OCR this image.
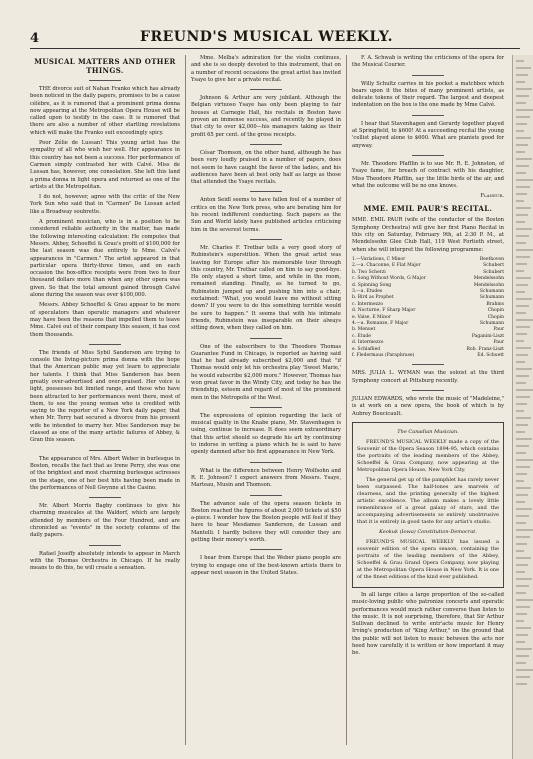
4	FREUND'S MUSICAL WEEKLY.
MUSICAL MATTERS AND OTHER THINGS.

THE divorce suit of Nahan Franko which has already been noticed in the daily papers, promises to be a cause célèbre, as it is rumored that a prominent prima donna now appearing at the Metropolitan Opera House will be called upon to testify in the case. It is rumored that there are also a number of other startling revelations which will make the Franko suit exceedingly spicy.

Poor Zélie de Lussan! This young artist has the sympathy of all who wish her well. Her appearance in this country has not been a success. Her performance of Carmen simply contrasted her with Calvé. Miss de Lussan has, however, one consolation. She left this land a prima donna in light opera and returned as one of the artists at the Metropolitan.

I do not, however, agree with the critic of the New York Sun who said that in "Carmen" De Lussan acted like a Broadway soubrette.

A prominent musician, who is in a position to be considered reliable authority in the matter, has made the following interesting calculation: He computes that Messrs. Abbey, Schoeffel & Grau's profit of $100,000 for the last season was due entirely to Mme. Calvé's appearances in "Carmen." The artist appeared in that particular opera thirty-three times, and on each occasion the box-office receipts were from two to four thousand dollars more than when any other opera was given. So that the total amount gained through Calvé alone during the season was over $100,000.

Messrs. Abbey Schoeffel & Grau appear to be more of speculators than operatic managers and whatever may have been the reasons that impelled them to leave Mme. Calvé out of their company this season, it has cost them thousands.

The friends of Miss Sybil Sanderson are trying to console the living-picture prima donna with the hope that the American public may yet learn to appreciate her talents. I think that Miss Sanderson has been greatly over-advertised and over-praised. Her voice is light, possesses but limited range, and those who have been attracted to her performances went there, most of them, to see the young woman who is credited with saying to the reporter of a New York daily paper, that when Mr. Terry had secured a divorce from his present wife he intended to marry her. Miss Sanderson may be classed as one of the many artistic failures of Abbey, & Gran this season.

The appearance of Mrs. Albert Weber in burlesque in Boston, recalls the fact that as Irene Perry, she was one of the brightest and most charming burlesque actresses on the stage, one of her best hits having been made in the performances of Nell Gwynne at the Casino.

Mr. Albert Morris Bagby continues to give his charming musicales at the Waldorf, which are largely attended by members of the Four Hundred, and are chronicled as "events" in the society columns of the daily papers.

Rafael Joseffy absolutely intends to appear in March with the Thomas Orchestra in Chicago. If he really means to do this, he will create a sensation.

Mme. Melba's admiration for the violin continues, and she is so deeply devoted to this instrument, that on a number of recent occasions the great artist has invited Ysaye to give her a private recital.

Johnson & Arthur are very jubilant. Although the Belgian virtuoso Ysaye has only been playing to fair houses at Carnegie Hall, his recitals in Boston have proven an immense success, and recently he played in that city to over $2,000—his managers taking as their profit 65 per cent. of the gross receipts.

César Thomson, on the other hand, although he has been very loudly praised in a number of papers, does not seem to have caught the favor of the ladies, and his audiences have been at best only half as large as those that attended the Ysaye recitals.

Anton Seidl seems to have fallen foul of a number of critics on the New York press, who are berating him for his recent indifferent conducting. Such papers as the Sun and World lately have published articles criticising him in the severest terms.

Mr. Charles F. Tretbar tells a very good story of Rubinstein's superstition. When the great artist was leaving for Europe after his memorable tour through this country, Mr. Tretbar called on him to say good-bye. He only stayed a short time, and while in the room, remained standing. Finally, as he turned to go, Rubinstein jumped up and pushing him into a chair, exclaimed: "What, you would leave me without sitting down? If you were to do this something terrible would be sure to happen." It seems that with his intimate friends, Rubinstein was inseparable on their always sitting down, when they called on him.

One of the subscribers to the Theodore Thomas Guarantee Fund in Chicago, is reported as having said that he had already subscribed $2,000 and that "if Thomas would only let his orchestra play 'Sweet Marie,' he would subscribe $2,000 more." However, Thomas has won great favor in the Windy City, and today he has the friendship, esteem and regard of most of the prominent men in the Metropolis of the West.

The expressions of opinion regarding the lack of musical quality in the Knabe piano, Mr. Stavenhagen is using, continue to increase. It does seem extraordinary that this artist should so degrade his art by continuing to indorse in writing a piano which he is said to have openly damned after his first appearance in New York.

What is the difference between Henry Wolfsohn and R. E. Johnson? I expect answers from Messrs. Ysaye, Marteau, Musin and Thomson.

The advance sale of the opera season tickets in Boston reached the figures of about 2,000 tickets at $50 a-piece. I wonder how the Boston people will feel if they have to hear Mesdames Sanderson, de Lussan and Mantelli. I hardly believe they will consider they are getting their money's worth.

I hear from Europe that the Weber piano people are trying to engage one of the best-known artists there to appear next season in the United States.

F. A. Schwab is writing the criticisms of the opera for the Musical Courier.

Willy Schultz carries in his pocket a matchbox which bears upon it the bites of many prominent artists, as delicate tokens of their regard. The largest and deepest indentation on the box is the one made by Mme Calvé.

I hear that Stavenhagen and Gerardy together played at Springfield, to $600! At a succeeding recital the young 'cellist played alone to $600. What are pianists good for anyway.

Mr. Theodore Pfafflin is to sue Mr. R. E. Johnston, of Ysaye fame, for breach of contract with his daughter, Miss Theodore Pfafflin, say the little birds of the air, and what the outcome will be no one knows.

Flaneur.
MME. EMIL PAUR'S RECITAL.

MME. EMIL PAUR (wife of the conductor of the Boston Symphony Orchestra) will give her first Piano Recital in this city on Saturday, February 9th, at 2:30 P. M., at Mendelssohn Glee Club Hall, 119 West Fortieth street, when she will interpret the following programme:

1.—Variations, C Minor	Beethoven
2.—a. Chaconne, E Flat Major	Schubert
b. Two Scherzi	Schubert
c. Song Without Words, G Major	Mendelssohn
d. Spinning Song	Mendelssohn
3.—a. Etudes	Schumann
b. Bird as Prophet	Schumann
c. Intermezzo	Brahms
d. Nocturne, F Sharp Major	Chopin
e. Valse, E Minor	Chopin
4.—a. Romanze, F Major	Schumann
b. Menuet	Paur
c. Etude	Paganini-Liszt
d. Intermezzo	Paur
e. Schlaflied	Rob. Franz-Liszt
f. Fledermaus (Paraphrase)	Ed. Schuett

MRS. JULIA L. WYMAN was the soloist at the third Symphony concert at Pittsburg recently.

JULIAN EDWARDS, who wrote the music of "Madeleine," is at work on a new opera, the book of which is by Aubrey Boucicault.

The Canadian Musician.

FREUND'S MUSICAL WEEKLY made a copy of the Souvenir of the Opera Season 1894-95, which contains the portraits of the leading members of the Abbey, Schoeffel & Grau Company, now appearing at the Metropolitan Opera House, New York City.

The general get up of the pamphlet has rarely never been surpassed. The half-tones are marvels of clearness, and the printing generally of the highest artistic excellence. The album makes a lovely little remembrance of a great galaxy of stars, and the accompanying advertisements so entirely unobtrusive that it is entirely in good taste for any artist's studio.

Keokuk (Iowa) Constitution-Democrat.

FREUND'S MUSICAL WEEKLY has issued a souvenir edition of the opera season, containing the portraits of the leading members of the Abbey, Schoeffel & Grau Grand Opera Company, now playing at the Metropolitan Opera House in New York. It is one of the finest editions of the kind ever published.

In all large cities a large proportion of the so-called music-loving public who patronize concerts and operatic performances would much rather converse than listen to the music. It is not surprising, therefore, that Sir Arthur Sullivan declined to write entr'acte music for Henry Irving's production of "King Arthur," on the ground that the public will not listen to music between the acts nor heed how carefully it is written or how important it may be.
